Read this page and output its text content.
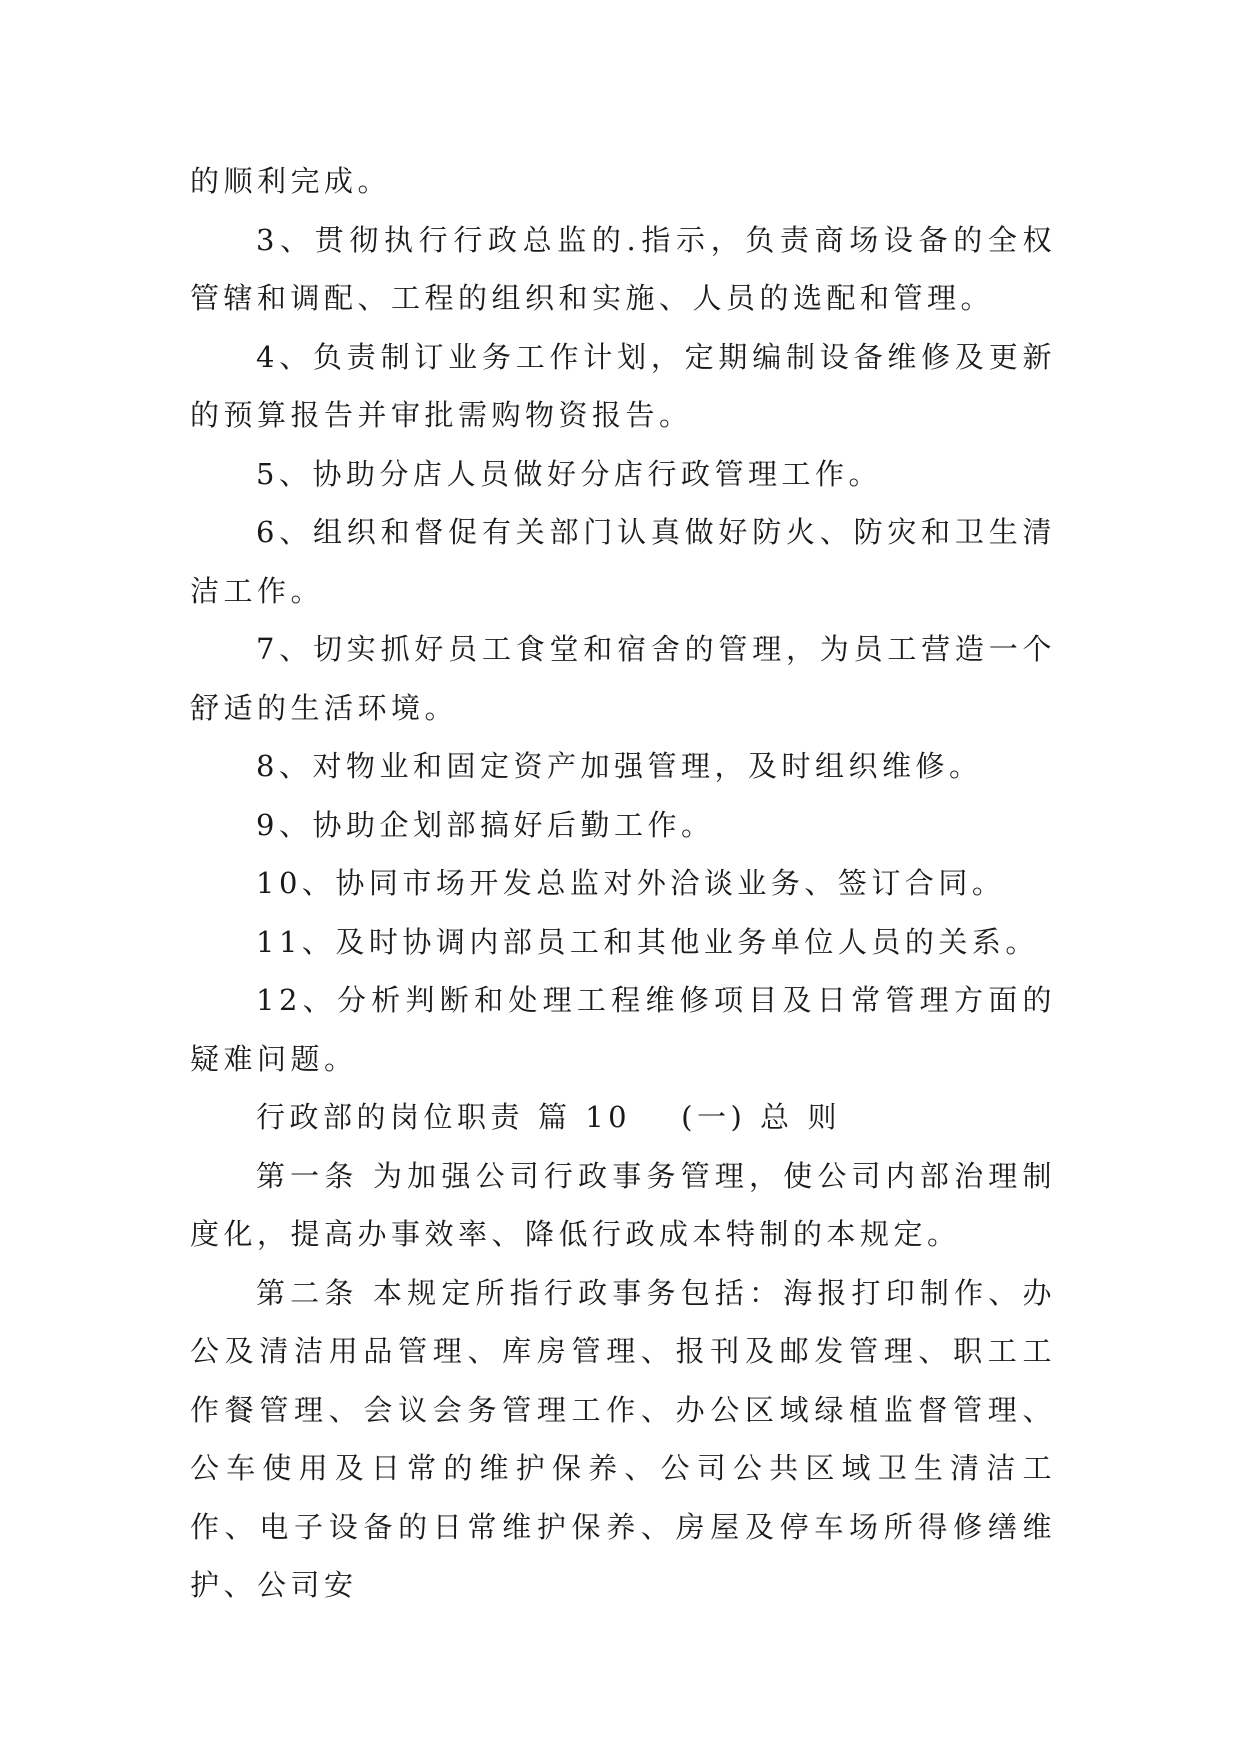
的顺利完成。

3、贯彻执行行政总监的.指示，负责商场设备的全权管辖和调配、工程的组织和实施、人员的选配和管理。

4、负责制订业务工作计划，定期编制设备维修及更新的预算报告并审批需购物资报告。

5、协助分店人员做好分店行政管理工作。

6、组织和督促有关部门认真做好防火、防灾和卫生清洁工作。

7、切实抓好员工食堂和宿舍的管理，为员工营造一个舒适的生活环境。

8、对物业和固定资产加强管理，及时组织维修。

9、协助企划部搞好后勤工作。

10、协同市场开发总监对外洽谈业务、签订合同。

11、及时协调内部员工和其他业务单位人员的关系。

12、分析判断和处理工程维修项目及日常管理方面的疑难问题。

行政部的岗位职责 篇 10 (一) 总 则

第一条 为加强公司行政事务管理，使公司内部治理制度化，提高办事效率、降低行政成本特制的本规定。

第二条 本规定所指行政事务包括：海报打印制作、办公及清洁用品管理、库房管理、报刊及邮发管理、职工工作餐管理、会议会务管理工作、办公区域绿植监督管理、公车使用及日常的维护保养、公司公共区域卫生清洁工作、电子设备的日常维护保养、房屋及停车场所得修缮维护、公司安
